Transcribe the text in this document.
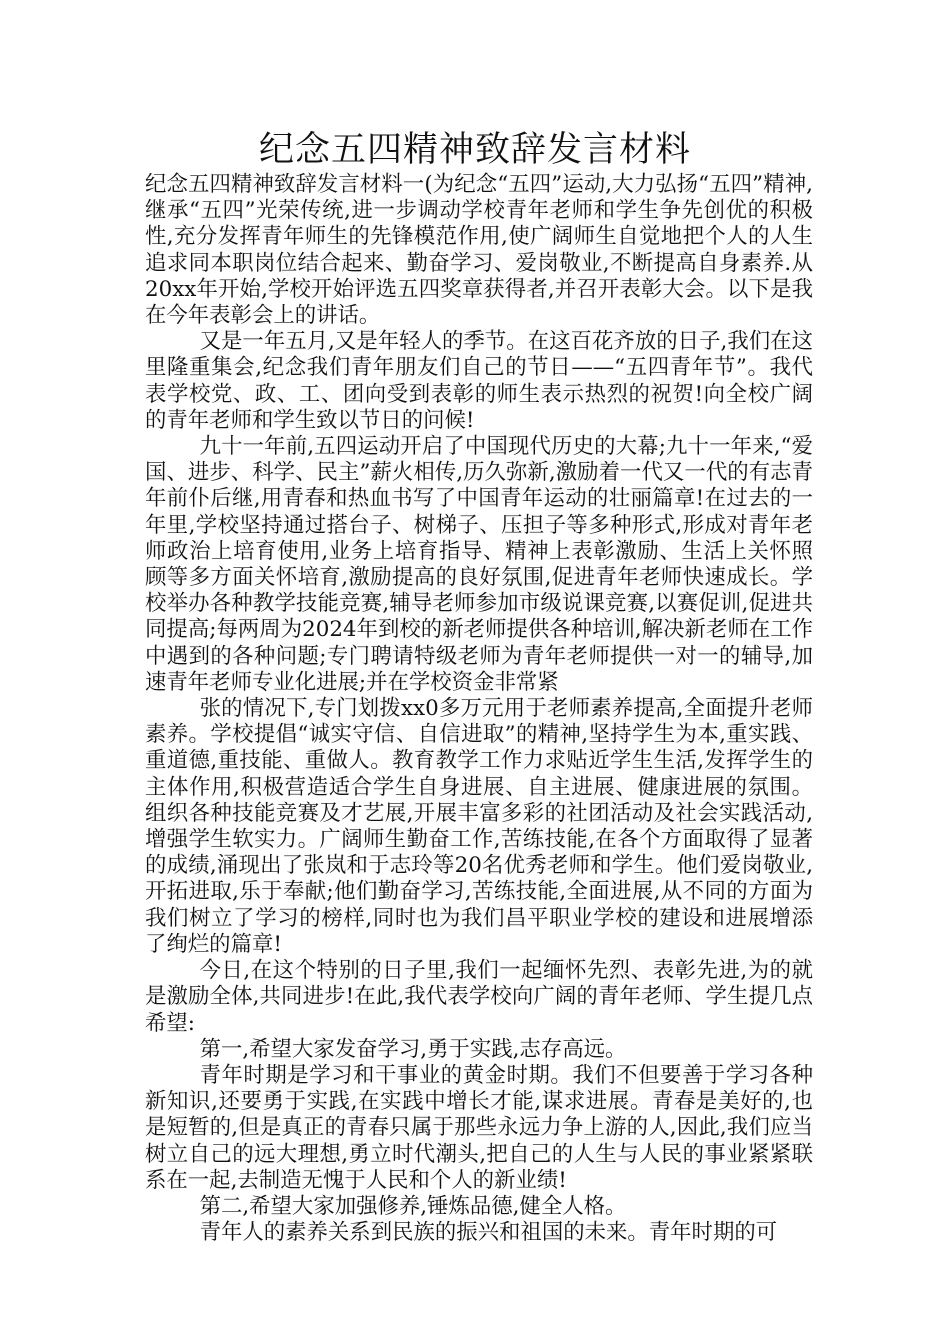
纪念五四精神致辞发言材料

纪念五四精神致辞发言材料一(为纪念“五四”运动,大力弘扬“五四”精神,继承“五四”光荣传统,进一步调动学校青年老师和学生争先创优的积极性,充分发挥青年师生的先锋模范作用,使广阔师生自觉地把个人的人生追求同本职岗位结合起来、勤奋学习、爱岗敬业,不断提高自身素养.从20xx年开始,学校开始评选五四奖章获得者,并召开表彰大会。以下是我在今年表彰会上的讲话。

又是一年五月,又是年轻人的季节。在这百花齐放的日子,我们在这里隆重集会,纪念我们青年朋友们自己的节日——“五四青年节”。我代表学校党、政、工、团向受到表彰的师生表示热烈的祝贺!向全校广阔的青年老师和学生致以节日的问候!

九十一年前,五四运动开启了中国现代历史的大幕;九十一年来,“爱国、进步、科学、民主”薪火相传,历久弥新,激励着一代又一代的有志青年前仆后继,用青春和热血书写了中国青年运动的壮丽篇章!在过去的一年里,学校坚持通过搭台子、树梯子、压担子等多种形式,形成对青年老师政治上培育使用,业务上培育指导、精神上表彰激励、生活上关怀照顾等多方面关怀培育,激励提高的良好氛围,促进青年老师快速成长。学校举办各种教学技能竞赛,辅导老师参加市级说课竞赛,以赛促训,促进共同提高;每两周为2024年到校的新老师提供各种培训,解决新老师在工作中遇到的各种问题;专门聘请特级老师为青年老师提供一对一的辅导,加速青年老师专业化进展;并在学校资金非常紧

张的情况下,专门划拨xx0多万元用于老师素养提高,全面提升老师素养。学校提倡“诚实守信、自信进取”的精神,坚持学生为本,重实践、重道德,重技能、重做人。教育教学工作力求贴近学生生活,发挥学生的主体作用,积极营造适合学生自身进展、自主进展、健康进展的氛围。组织各种技能竞赛及才艺展,开展丰富多彩的社团活动及社会实践活动,增强学生软实力。广阔师生勤奋工作,苦练技能,在各个方面取得了显著的成绩,涌现出了张岚和于志玲等20名优秀老师和学生。他们爱岗敬业,开拓进取,乐于奉献;他们勤奋学习,苦练技能,全面进展,从不同的方面为我们树立了学习的榜样,同时也为我们昌平职业学校的建设和进展增添了绚烂的篇章!

今日,在这个特别的日子里,我们一起缅怀先烈、表彰先进,为的就是激励全体,共同进步!在此,我代表学校向广阔的青年老师、学生提几点希望:

第一,希望大家发奋学习,勇于实践,志存高远。

青年时期是学习和干事业的黄金时期。我们不但要善于学习各种新知识,还要勇于实践,在实践中增长才能,谋求进展。青春是美好的,也是短暂的,但是真正的青春只属于那些永远力争上游的人,因此,我们应当树立自己的远大理想,勇立时代潮头,把自己的人生与人民的事业紧紧联系在一起,去制造无愧于人民和个人的新业绩!

第二,希望大家加强修养,锤炼品德,健全人格。

青年人的素养关系到民族的振兴和祖国的未来。青年时期的可
